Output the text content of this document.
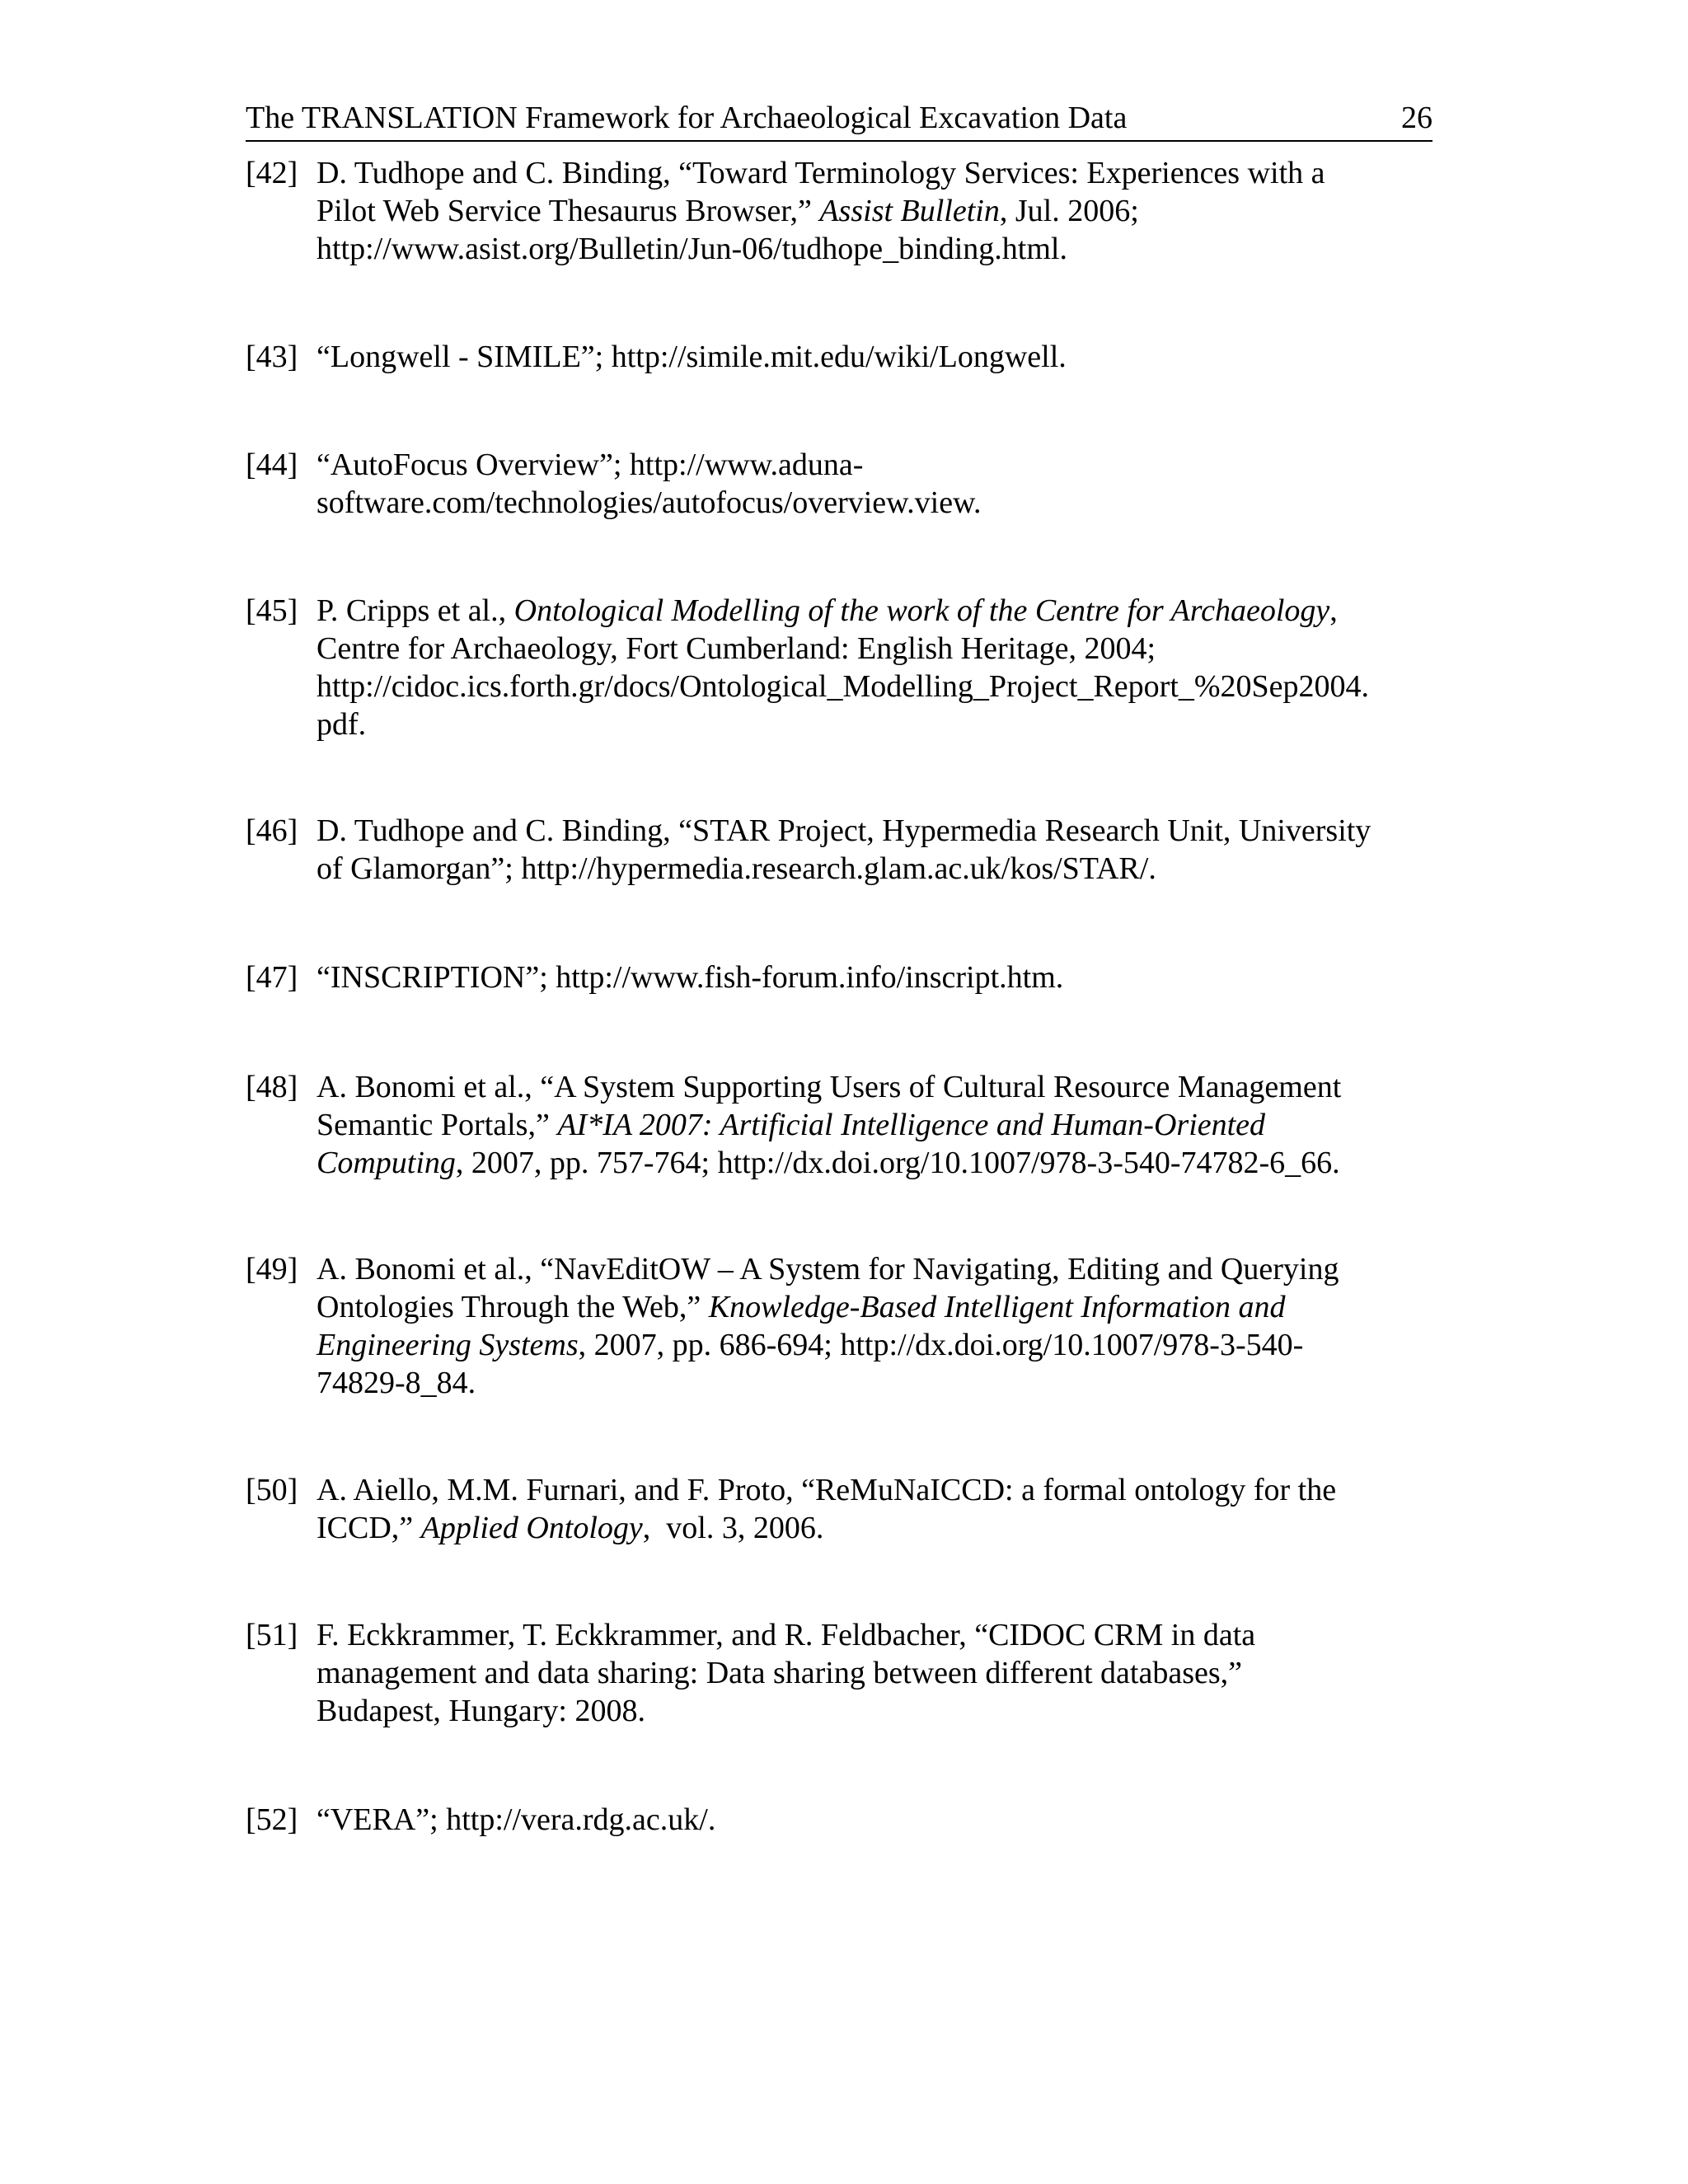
The TRANSLATION Framework for Archaeological Excavation Data	26
[42] D. Tudhope and C. Binding, “Toward Terminology Services: Experiences with a
Pilot Web Service Thesaurus Browser,” Assist Bulletin, Jul. 2006;
http://www.asist.org/Bulletin/Jun-06/tudhope_binding.html.
[43] “Longwell - SIMILE”; http://simile.mit.edu/wiki/Longwell.
[44] “AutoFocus Overview”; http://www.aduna-
software.com/technologies/autofocus/overview.view.
[45] P. Cripps et al., Ontological Modelling of the work of the Centre for Archaeology,
Centre for Archaeology, Fort Cumberland: English Heritage, 2004;
http://cidoc.ics.forth.gr/docs/Ontological_Modelling_Project_Report_%20Sep2004.
pdf.
[46] D. Tudhope and C. Binding, “STAR Project, Hypermedia Research Unit, University
of Glamorgan”; http://hypermedia.research.glam.ac.uk/kos/STAR/.
[47] “INSCRIPTION”; http://www.fish-forum.info/inscript.htm.
[48] A. Bonomi et al., “A System Supporting Users of Cultural Resource Management
Semantic Portals,” AI*IA 2007: Artificial Intelligence and Human-Oriented
Computing, 2007, pp. 757-764; http://dx.doi.org/10.1007/978-3-540-74782-6_66.
[49] A. Bonomi et al., “NavEditOW – A System for Navigating, Editing and Querying
Ontologies Through the Web,” Knowledge-Based Intelligent Information and
Engineering Systems, 2007, pp. 686-694; http://dx.doi.org/10.1007/978-3-540-
74829-8_84.
[50] A. Aiello, M.M. Furnari, and F. Proto, “ReMuNaICCD: a formal ontology for the
ICCD,” Applied Ontology,  vol. 3, 2006.
[51] F. Eckkrammer, T. Eckkrammer, and R. Feldbacher, “CIDOC CRM in data
management and data sharing: Data sharing between different databases,”
Budapest, Hungary: 2008.
[52] “VERA”; http://vera.rdg.ac.uk/.
